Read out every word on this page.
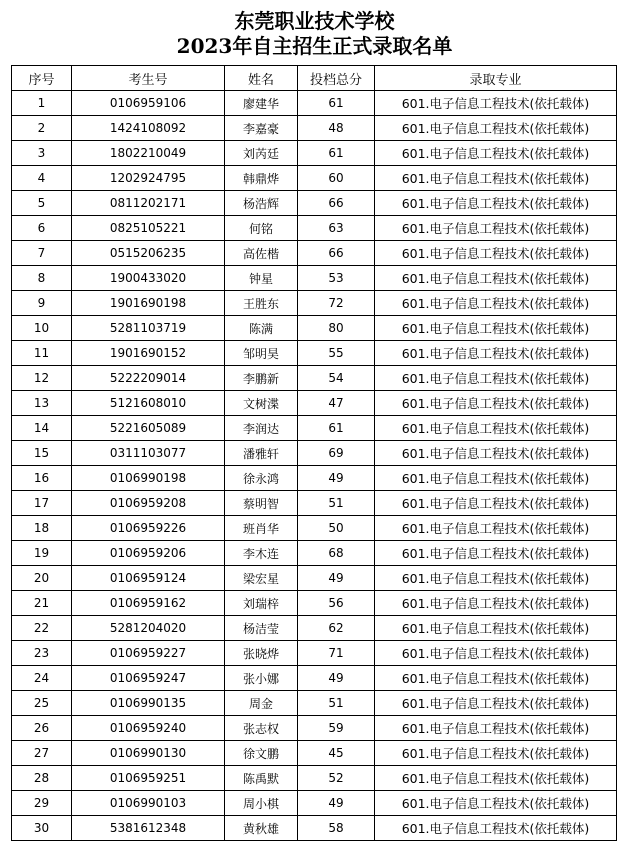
东莞职业技术学校
2023年自主招生正式录取名单
序号	考生号	姓名	投档总分	录取专业
1	0106959106	廖建华	61	601.电子信息工程技术(依托载体)
2	1424108092	李嘉豪	48	601.电子信息工程技术(依托载体)
3	1802210049	刘芮廷	61	601.电子信息工程技术(依托载体)
4	1202924795	韩鼎烨	60	601.电子信息工程技术(依托载体)
5	0811202171	杨浩辉	66	601.电子信息工程技术(依托载体)
6	0825105221	何铭	63	601.电子信息工程技术(依托载体)
7	0515206235	高佐楷	66	601.电子信息工程技术(依托载体)
8	1900433020	钟星	53	601.电子信息工程技术(依托载体)
9	1901690198	王胜东	72	601.电子信息工程技术(依托载体)
10	5281103719	陈满	80	601.电子信息工程技术(依托载体)
11	1901690152	邹明昊	55	601.电子信息工程技术(依托载体)
12	5222209014	李鹏新	54	601.电子信息工程技术(依托载体)
13	5121608010	文树渫	47	601.电子信息工程技术(依托载体)
14	5221605089	李润达	61	601.电子信息工程技术(依托载体)
15	0311103077	潘雅轩	69	601.电子信息工程技术(依托载体)
16	0106990198	徐永鸿	49	601.电子信息工程技术(依托载体)
17	0106959208	蔡明智	51	601.电子信息工程技术(依托载体)
18	0106959226	班肖华	50	601.电子信息工程技术(依托载体)
19	0106959206	李木连	68	601.电子信息工程技术(依托载体)
20	0106959124	梁宏星	49	601.电子信息工程技术(依托载体)
21	0106959162	刘瑞梓	56	601.电子信息工程技术(依托载体)
22	5281204020	杨洁莹	62	601.电子信息工程技术(依托载体)
23	0106959227	张晓烨	71	601.电子信息工程技术(依托载体)
24	0106959247	张小娜	49	601.电子信息工程技术(依托载体)
25	0106990135	周金	51	601.电子信息工程技术(依托载体)
26	0106959240	张志权	59	601.电子信息工程技术(依托载体)
27	0106990130	徐文鹏	45	601.电子信息工程技术(依托载体)
28	0106959251	陈禹默	52	601.电子信息工程技术(依托载体)
29	0106990103	周小棋	49	601.电子信息工程技术(依托载体)
30	5381612348	黄秋雄	58	601.电子信息工程技术(依托载体)
